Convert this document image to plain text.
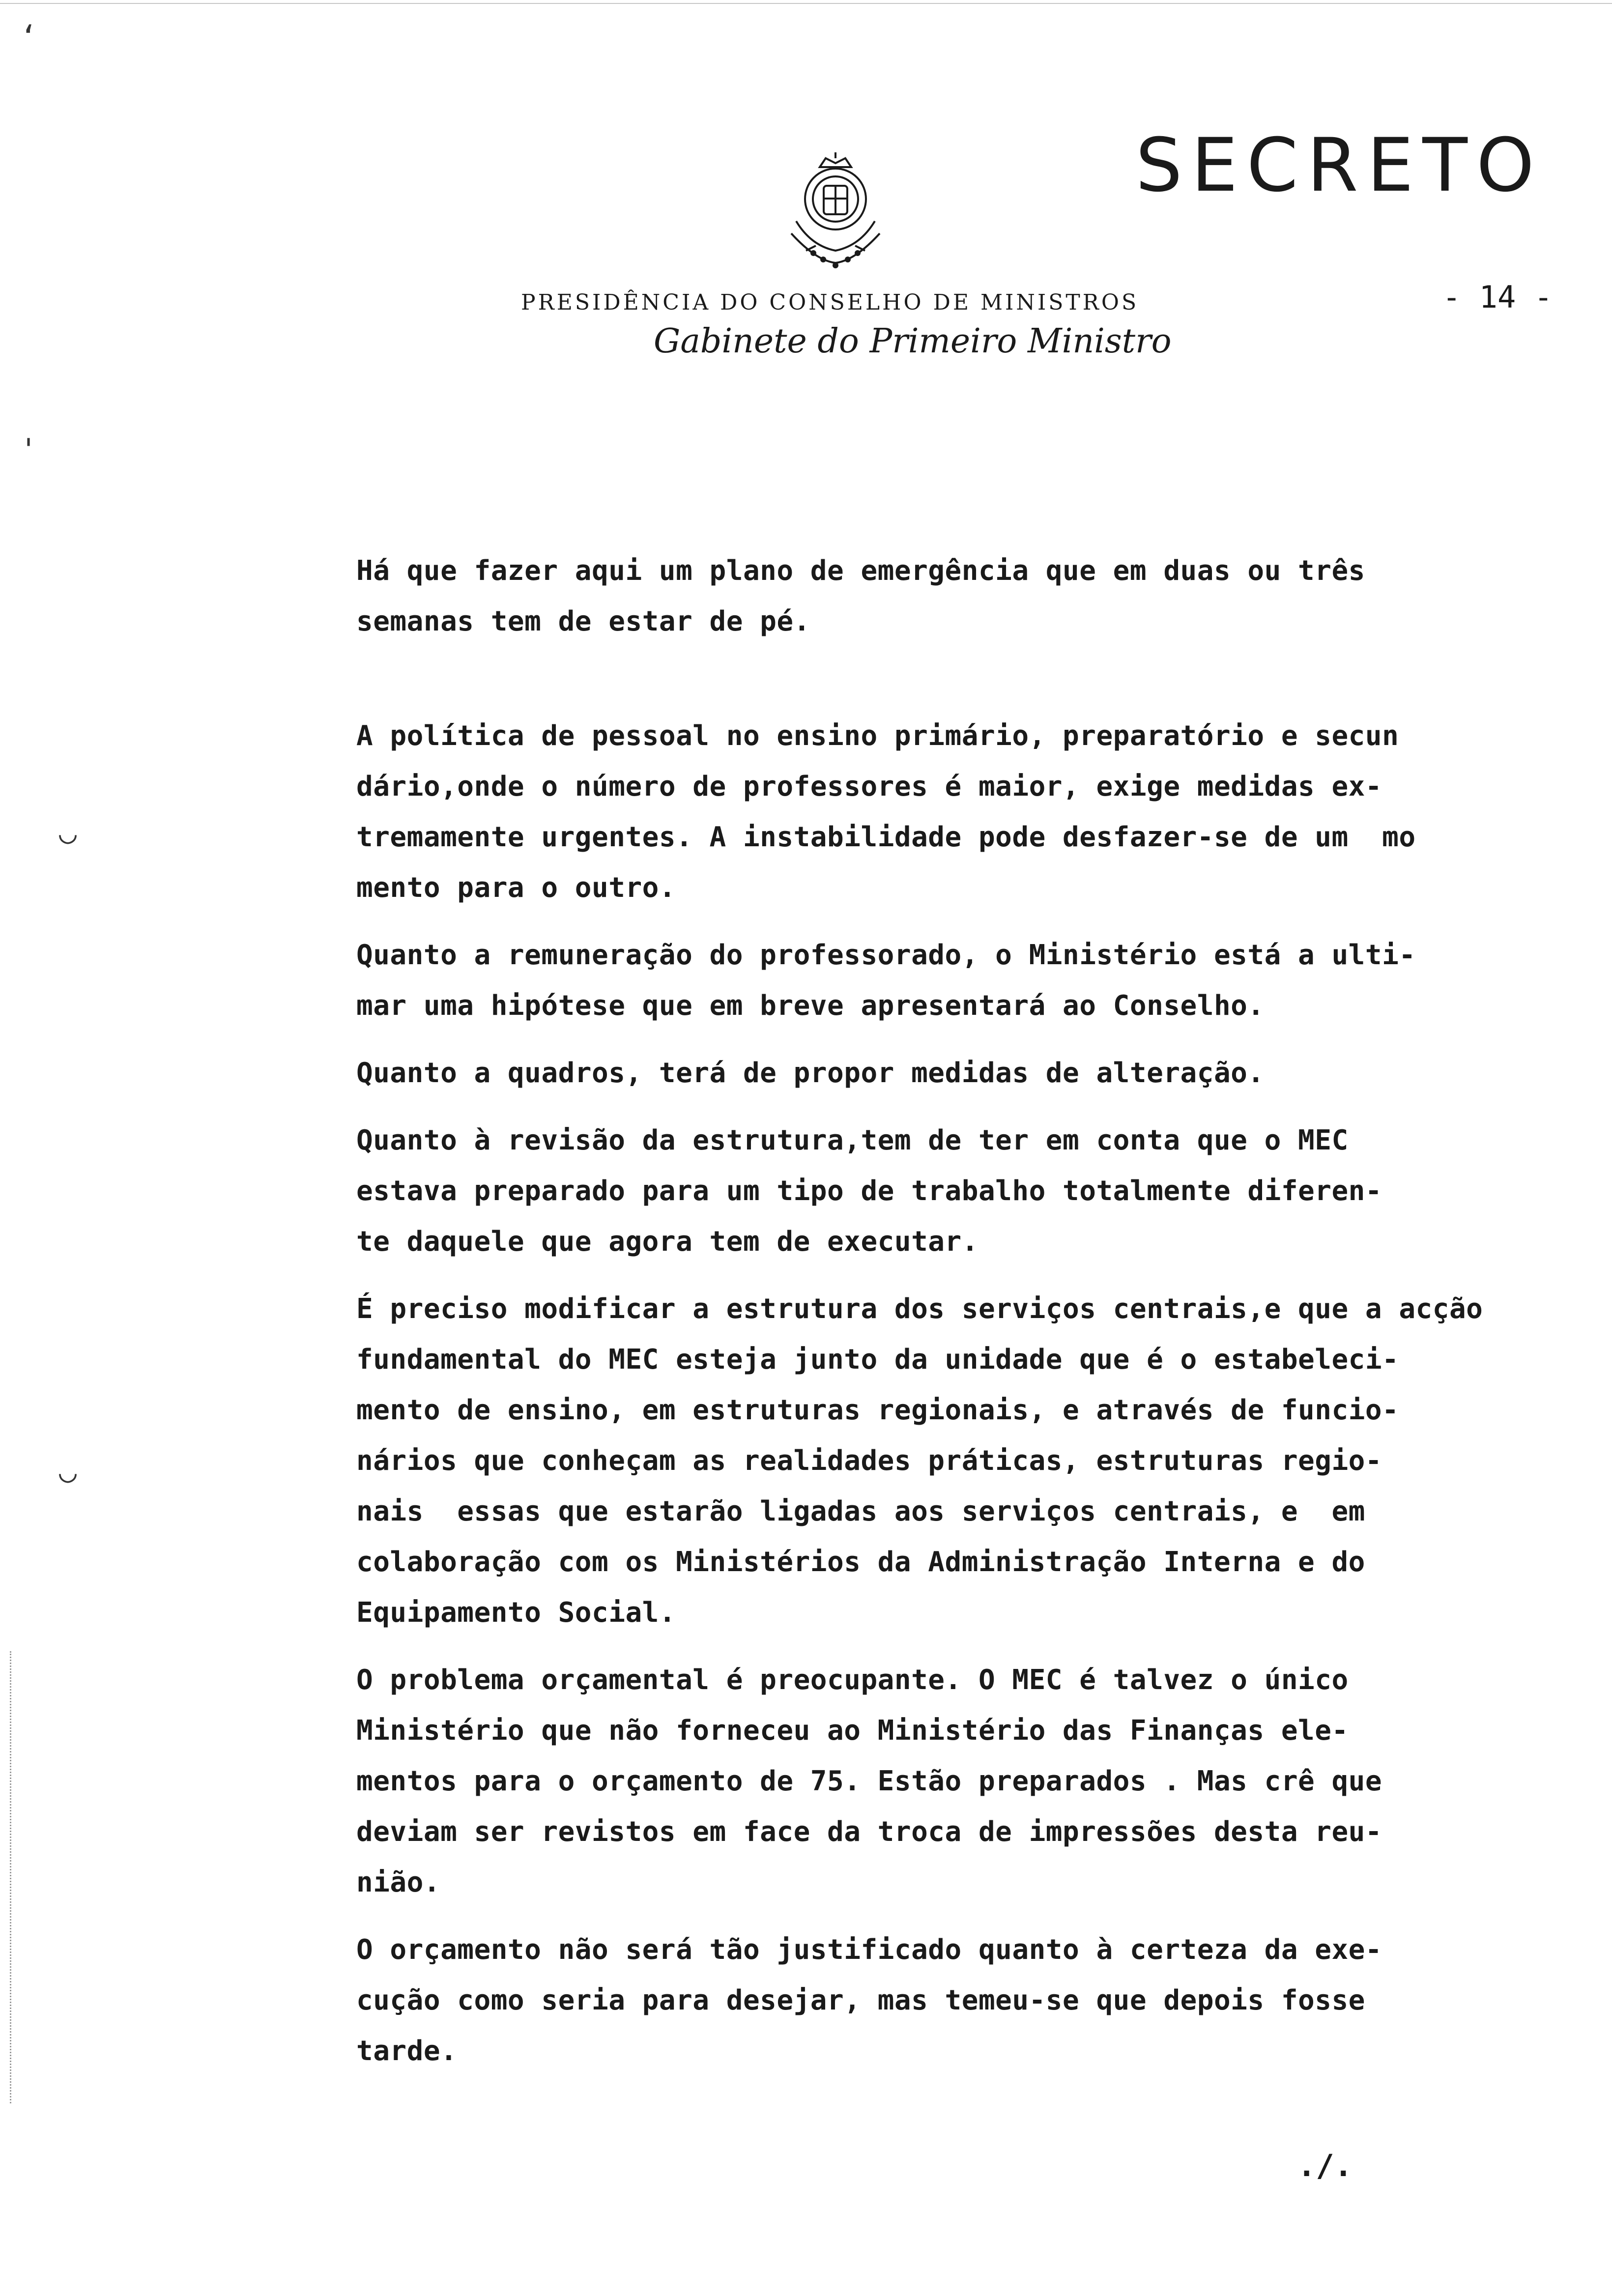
SECRETO
PRESIDÊNCIA DO CONSELHO DE MINISTROS
Gabinete do Primeiro Ministro
- 14 -
‘
'
◡
◡
Há que fazer aqui um plano de emergência que em duas ou três
semanas tem de estar de pé.
A política de pessoal no ensino primário, preparatório e secun
dário,onde o número de professores é maior, exige medidas ex-
tremamente urgentes. A instabilidade pode desfazer-se de um  mo
mento para o outro.
Quanto a remuneração do professorado, o Ministério está a ulti-
mar uma hipótese que em breve apresentará ao Conselho.
Quanto a quadros, terá de propor medidas de alteração.
Quanto à revisão da estrutura,tem de ter em conta que o MEC
estava preparado para um tipo de trabalho totalmente diferen-
te daquele que agora tem de executar.
É preciso modificar a estrutura dos serviços centrais,e que a acção
fundamental do MEC esteja junto da unidade que é o estabeleci-
mento de ensino, em estruturas regionais, e através de funcio-
nários que conheçam as realidades práticas, estruturas regio-
nais  essas que estarão ligadas aos serviços centrais, e  em
colaboração com os Ministérios da Administração Interna e do
Equipamento Social.
O problema orçamental é preocupante. O MEC é talvez o único
Ministério que não forneceu ao Ministério das Finanças ele-
mentos para o orçamento de 75. Estão preparados . Mas crê que
deviam ser revistos em face da troca de impressões desta reu-
nião.
O orçamento não será tão justificado quanto à certeza da exe-
cução como seria para desejar, mas temeu-se que depois fosse
tarde.
./.
